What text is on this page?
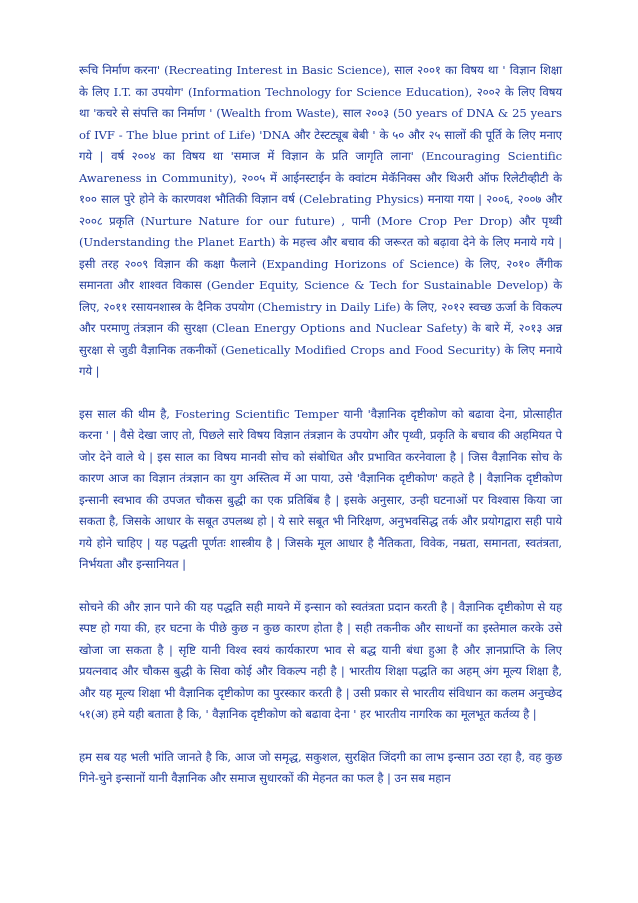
रूचि निर्माण करना' (Recreating Interest in Basic Science), साल २००१ का विषय था ' विज्ञान शिक्षा के लिए I.T. का उपयोग' (Information Technology for Science Education), २००२ के लिए विषय था 'कचरे से संपत्ति का निर्माण ' (Wealth from Waste), साल २००३ (50 years of DNA & 25 years of IVF - The blue print of Life) 'DNA और टेस्टट्यूब बेबी ' के ५० और २५ सालों की पूर्ति के लिए मनाए गये | वर्ष २००४ का विषय था 'समाज में विज्ञान के प्रति जागृति लाना' (Encouraging Scientific Awareness in Community), २००५ में आईनस्टाईन के क्वांटम मेकॅनिक्स और थिअरी ऑफ रिलेटीव्हीटी के १०० साल पुरे होने के कारणवश भौतिकी विज्ञान वर्ष (Celebrating Physics) मनाया गया | २००६, २००७ और २००८ प्रकृति (Nurture Nature for our future) , पानी (More Crop Per Drop) और पृथ्वी (Understanding the Planet Earth) के महत्त्व और बचाव की जरूरत को बढ़ावा देने के लिए मनाये गये | इसी तरह २००९ विज्ञान की कक्षा फैलाने (Expanding Horizons of Science) के लिए, २०१० लैंगीक समानता और शाश्वत विकास (Gender Equity, Science & Tech for Sustainable Develop) के लिए, २०११ रसायनशास्त्र के दैनिक उपयोग (Chemistry in Daily Life) के लिए, २०१२ स्वच्छ ऊर्जा के विकल्प और परमाणु तंत्रज्ञान की सुरक्षा (Clean Energy Options and Nuclear Safety) के बारे में, २०१३ अन्न सुरक्षा से जुडी वैज्ञानिक तकनीकों (Genetically Modified Crops and Food Security) के लिए मनाये गये |

इस साल की थीम है, Fostering Scientific Temper यानी 'वैज्ञानिक दृष्टीकोण को बढावा देना, प्रोत्साहीत करना ' | वैसे देखा जाए तो, पिछले सारे विषय विज्ञान तंत्रज्ञान के उपयोग और पृथ्वी, प्रकृति के बचाव की अहमियत पे जोर देने वाले थे | इस साल का विषय मानवी सोच को संबोधित और प्रभावित करनेवाला है | जिस वैज्ञानिक सोच के कारण आज का विज्ञान तंत्रज्ञान का युग अस्तित्व में आ पाया, उसे 'वैज्ञानिक दृष्टीकोण' कहते है | वैज्ञानिक दृष्टीकोण इन्सानी स्वभाव की उपजत चौकस बुद्धी का एक प्रतिबिंब है | इसके अनुसार, उन्ही घटनाओं पर विश्वास किया जा सकता है, जिसके आधार के सबूत उपलब्ध हो | ये सारे सबूत भी निरिक्षण, अनुभवसिद्ध तर्क और प्रयोगद्वारा सही पाये गये होने चाहिए | यह पद्धती पूर्णतः शास्त्रीय है | जिसके मूल आधार है नैतिकता, विवेक, नम्रता, समानता, स्वतंत्रता, निर्भयता और इन्सानियत |

सोचने की और ज्ञान पाने की यह पद्धति सही मायने में इन्सान को स्वतंत्रता प्रदान करती है | वैज्ञानिक दृष्टीकोण से यह स्पष्ट हो गया की, हर घटना के पीछे कुछ न कुछ कारण होता है | सही तकनीक और साधनों का इस्तेमाल करके उसे खोजा जा सकता है | सृष्टि यानी विश्व स्वयं कार्यकारण भाव से बद्ध यानी बंधा हुआ है और ज्ञानप्राप्ति के लिए प्रयत्नवाद और चौकस बुद्धी के सिवा कोई और विकल्प नही है | भारतीय शिक्षा पद्धति का अहम् अंग मूल्य शिक्षा है, और यह मूल्य शिक्षा भी वैज्ञानिक दृष्टीकोण का पुरस्कार करती है | उसी प्रकार से भारतीय संविधान का कलम अनुच्छेद ५१(अ) हमे यही बताता है कि, ' वैज्ञानिक दृष्टीकोण को बढावा देना ' हर भारतीय नागरिक का मूलभूत कर्तव्य है |

हम सब यह भली भांति जानते है कि, आज जो समृद्ध, सकुशल, सुरक्षित जिंदगी का लाभ इन्सान उठा रहा है, वह कुछ गिने-चुने इन्सानों यानी वैज्ञानिक और समाज सुधारकों की मेहनत का फल है | उन सब महान
